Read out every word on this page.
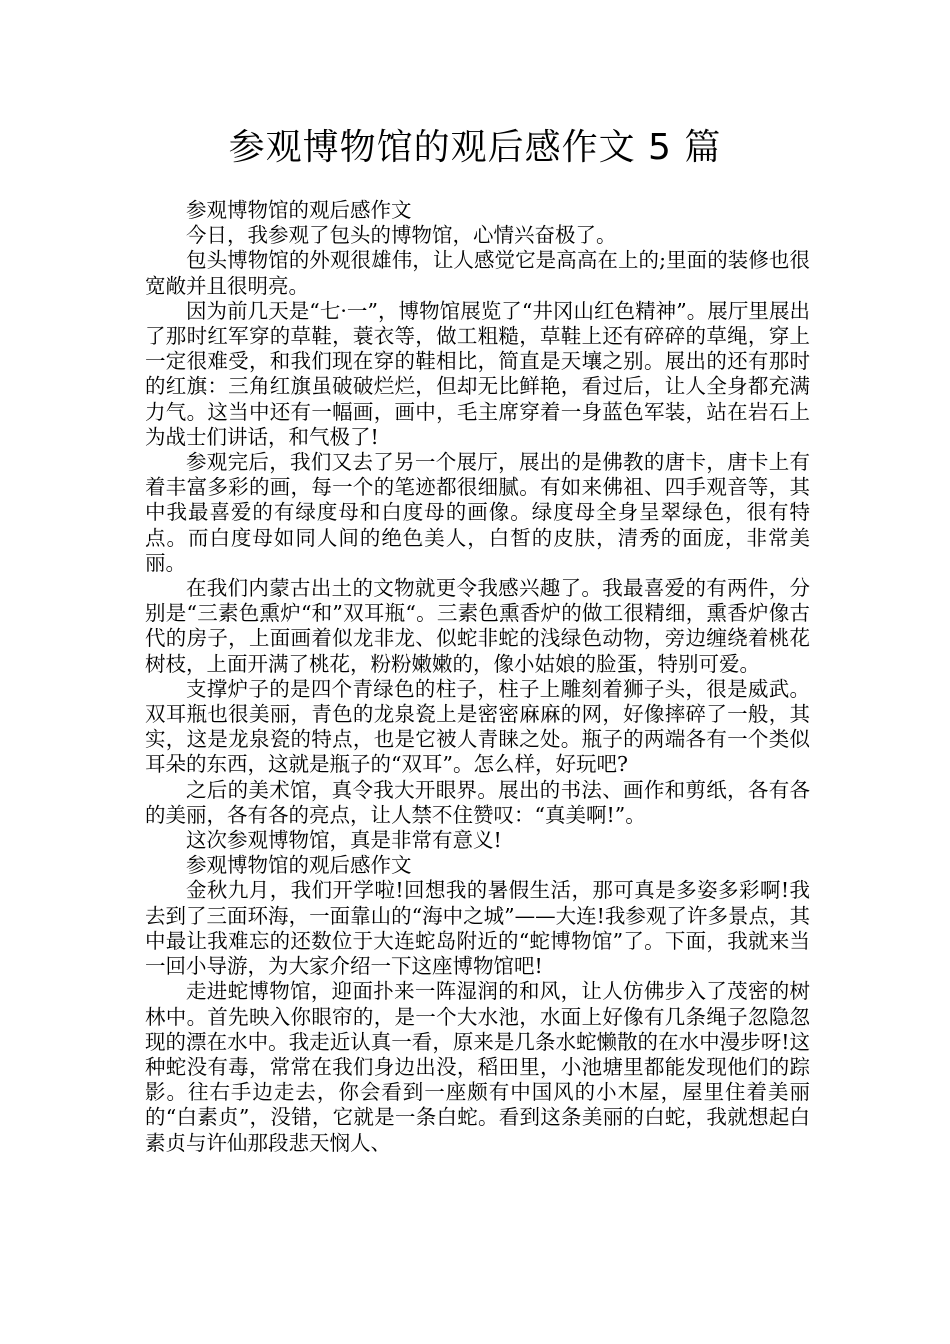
参观博物馆的观后感作文 5 篇

参观博物馆的观后感作文

今日，我参观了包头的博物馆，心情兴奋极了。

包头博物馆的外观很雄伟，让人感觉它是高高在上的;里面的装修也很宽敞并且很明亮。

因为前几天是“七·一”，博物馆展览了“井冈山红色精神”。展厅里展出了那时红军穿的草鞋，蓑衣等，做工粗糙，草鞋上还有碎碎的草绳，穿上一定很难受，和我们现在穿的鞋相比，简直是天壤之别。展出的还有那时的红旗：三角红旗虽破破烂烂，但却无比鲜艳，看过后，让人全身都充满力气。这当中还有一幅画，画中，毛主席穿着一身蓝色军装，站在岩石上为战士们讲话，和气极了!

参观完后，我们又去了另一个展厅，展出的是佛教的唐卡，唐卡上有着丰富多彩的画，每一个的笔迹都很细腻。有如来佛祖、四手观音等，其中我最喜爱的有绿度母和白度母的画像。绿度母全身呈翠绿色，很有特点。而白度母如同人间的绝色美人，白皙的皮肤，清秀的面庞，非常美丽。

在我们内蒙古出土的文物就更令我感兴趣了。我最喜爱的有两件，分别是“三素色熏炉“和”双耳瓶“。三素色熏香炉的做工很精细，熏香炉像古代的房子，上面画着似龙非龙、似蛇非蛇的浅绿色动物，旁边缠绕着桃花树枝，上面开满了桃花，粉粉嫩嫩的，像小姑娘的脸蛋，特别可爱。

支撑炉子的是四个青绿色的柱子，柱子上雕刻着狮子头，很是威武。双耳瓶也很美丽，青色的龙泉瓷上是密密麻麻的网，好像摔碎了一般，其实，这是龙泉瓷的特点，也是它被人青睐之处。瓶子的两端各有一个类似耳朵的东西，这就是瓶子的“双耳”。怎么样，好玩吧?

之后的美术馆，真令我大开眼界。展出的书法、画作和剪纸，各有各的美丽，各有各的亮点，让人禁不住赞叹：“真美啊!”。

这次参观博物馆，真是非常有意义!

参观博物馆的观后感作文

金秋九月，我们开学啦!回想我的暑假生活，那可真是多姿多彩啊!我去到了三面环海，一面靠山的“海中之城”——大连!我参观了许多景点，其中最让我难忘的还数位于大连蛇岛附近的“蛇博物馆”了。下面，我就来当一回小导游，为大家介绍一下这座博物馆吧!

走进蛇博物馆，迎面扑来一阵湿润的和风，让人仿佛步入了茂密的树林中。首先映入你眼帘的，是一个大水池，水面上好像有几条绳子忽隐忽现的漂在水中。我走近认真一看，原来是几条水蛇懒散的在水中漫步呀!这种蛇没有毒，常常在我们身边出没，稻田里，小池塘里都能发现他们的踪影。往右手边走去，你会看到一座颇有中国风的小木屋，屋里住着美丽的“白素贞”，没错，它就是一条白蛇。看到这条美丽的白蛇，我就想起白素贞与许仙那段悲天悯人、
